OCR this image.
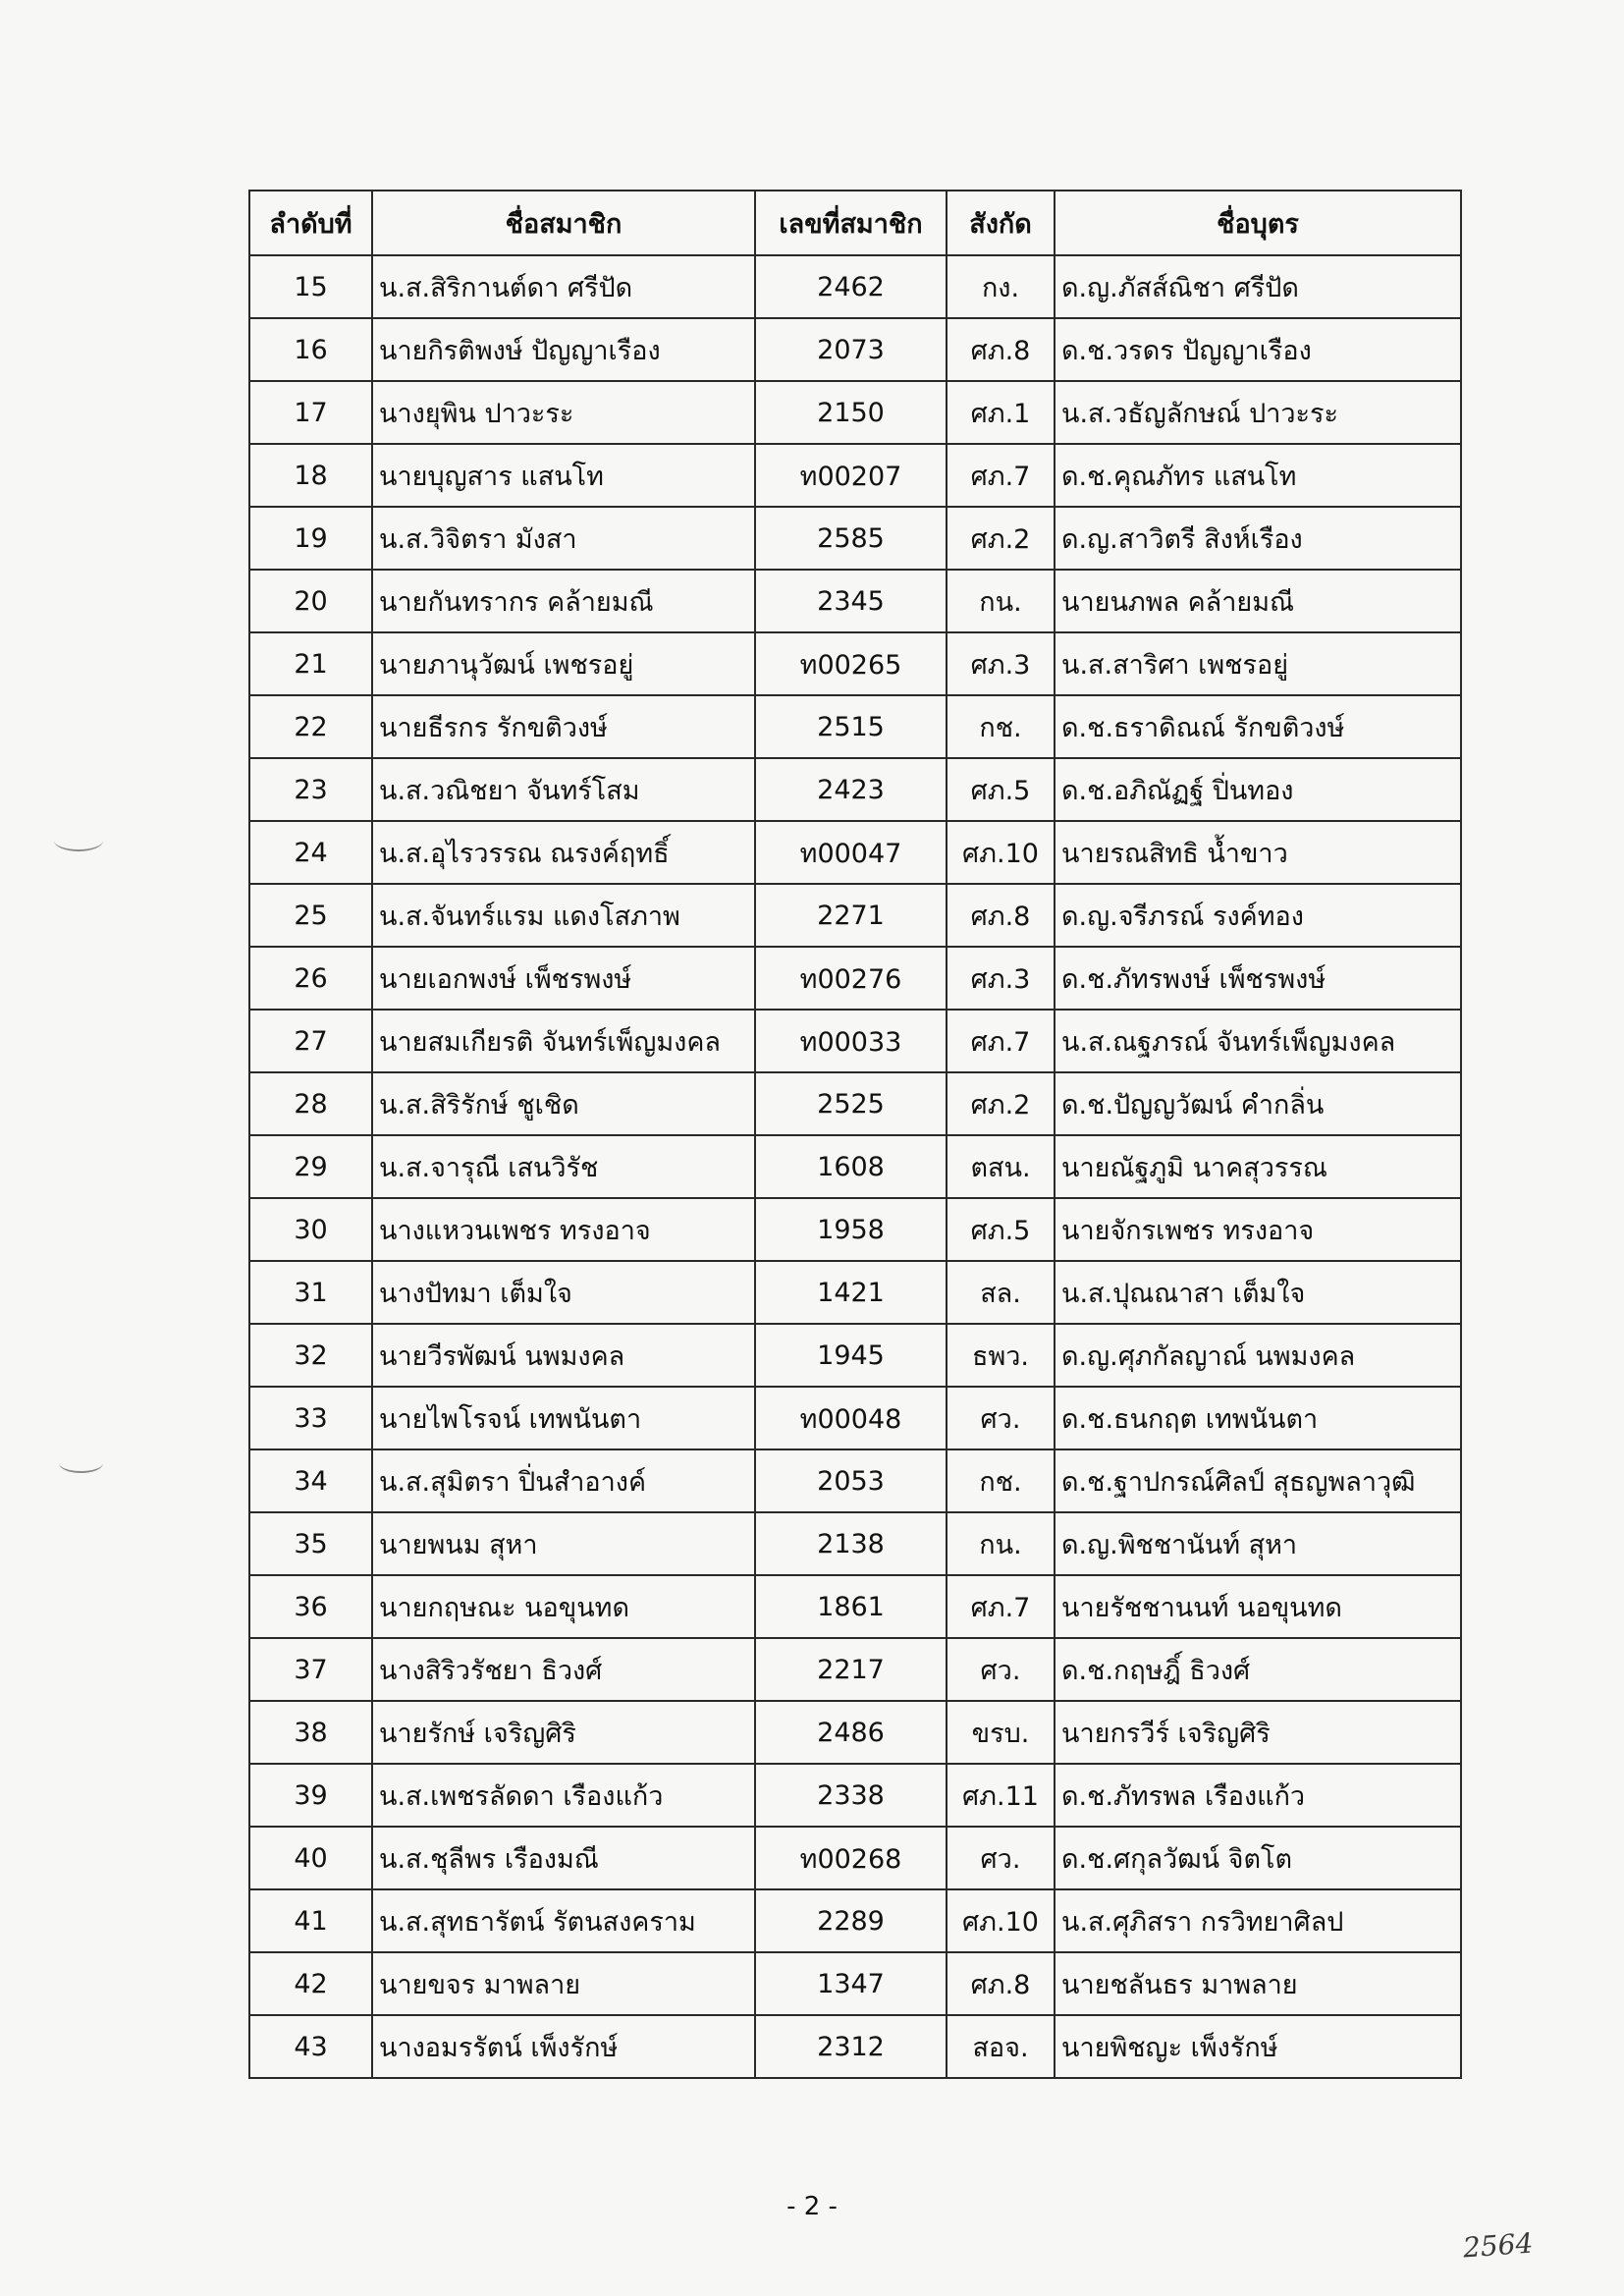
ลำดับที่	ชื่อสมาชิก	เลขที่สมาชิก	สังกัด	ชื่อบุตร
15	น.ส.สิริกานต์ดา ศรีปัด	2462	กง.	ด.ญ.ภัสส์ณิชา ศรีปัด
16	นายกิรติพงษ์ ปัญญาเรือง	2073	ศภ.8	ด.ช.วรดร ปัญญาเรือง
17	นางยุพิน ปาวะระ	2150	ศภ.1	น.ส.วธัญลักษณ์ ปาวะระ
18	นายบุญสาร แสนโท	ท00207	ศภ.7	ด.ช.คุณภัทร แสนโท
19	น.ส.วิจิตรา มังสา	2585	ศภ.2	ด.ญ.สาวิตรี สิงห์เรือง
20	นายกันทรากร คล้ายมณี	2345	กน.	นายนภพล คล้ายมณี
21	นายภานุวัฒน์ เพชรอยู่	ท00265	ศภ.3	น.ส.สาริศา เพชรอยู่
22	นายธีรกร รักขติวงษ์	2515	กช.	ด.ช.ธราดิณณ์ รักขติวงษ์
23	น.ส.วณิชยา จันทร์โสม	2423	ศภ.5	ด.ช.อภิณัฏฐ์ ปิ่นทอง
24	น.ส.อุไรวรรณ ณรงค์ฤทธิ์	ท00047	ศภ.10	นายรณสิทธิ น้ำขาว
25	น.ส.จันทร์แรม แดงโสภาพ	2271	ศภ.8	ด.ญ.จรีภรณ์ รงค์ทอง
26	นายเอกพงษ์ เพ็ชรพงษ์	ท00276	ศภ.3	ด.ช.ภัทรพงษ์ เพ็ชรพงษ์
27	นายสมเกียรติ จันทร์เพ็ญมงคล	ท00033	ศภ.7	น.ส.ณฐภรณ์ จันทร์เพ็ญมงคล
28	น.ส.สิริรักษ์ ชูเชิด	2525	ศภ.2	ด.ช.ปัญญวัฒน์ คำกลิ่น
29	น.ส.จารุณี เสนวิรัช	1608	ตสน.	นายณัฐภูมิ นาคสุวรรณ
30	นางแหวนเพชร ทรงอาจ	1958	ศภ.5	นายจักรเพชร ทรงอาจ
31	นางปัทมา เต็มใจ	1421	สล.	น.ส.ปุณณาสา เต็มใจ
32	นายวีรพัฒน์ นพมงคล	1945	ธพว.	ด.ญ.ศุภกัลญาณ์ นพมงคล
33	นายไพโรจน์ เทพนันตา	ท00048	ศว.	ด.ช.ธนกฤต เทพนันตา
34	น.ส.สุมิตรา ปิ่นสำอางค์	2053	กช.	ด.ช.ฐาปกรณ์ศิลป์ สุธญพลาวุฒิ
35	นายพนม สุหา	2138	กน.	ด.ญ.พิชชานันท์ สุหา
36	นายกฤษณะ นอขุนทด	1861	ศภ.7	นายรัชชานนท์ นอขุนทด
37	นางสิริวรัชยา ธิวงศ์	2217	ศว.	ด.ช.กฤษฎิ์ ธิวงศ์
38	นายรักษ์ เจริญศิริ	2486	ขรบ.	นายกรวีร์ เจริญศิริ
39	น.ส.เพชรลัดดา เรืองแก้ว	2338	ศภ.11	ด.ช.ภัทรพล เรืองแก้ว
40	น.ส.ชุลีพร เรืองมณี	ท00268	ศว.	ด.ช.ศกุลวัฒน์ จิตโต
41	น.ส.สุทธารัตน์ รัตนสงคราม	2289	ศภ.10	น.ส.ศุภิสรา กรวิทยาศิลป
42	นายขจร มาพลาย	1347	ศภ.8	นายชลันธร มาพลาย
43	นางอมรรัตน์ เพ็งรักษ์	2312	สอจ.	นายพิชญะ เพ็งรักษ์
- 2 -
2564
